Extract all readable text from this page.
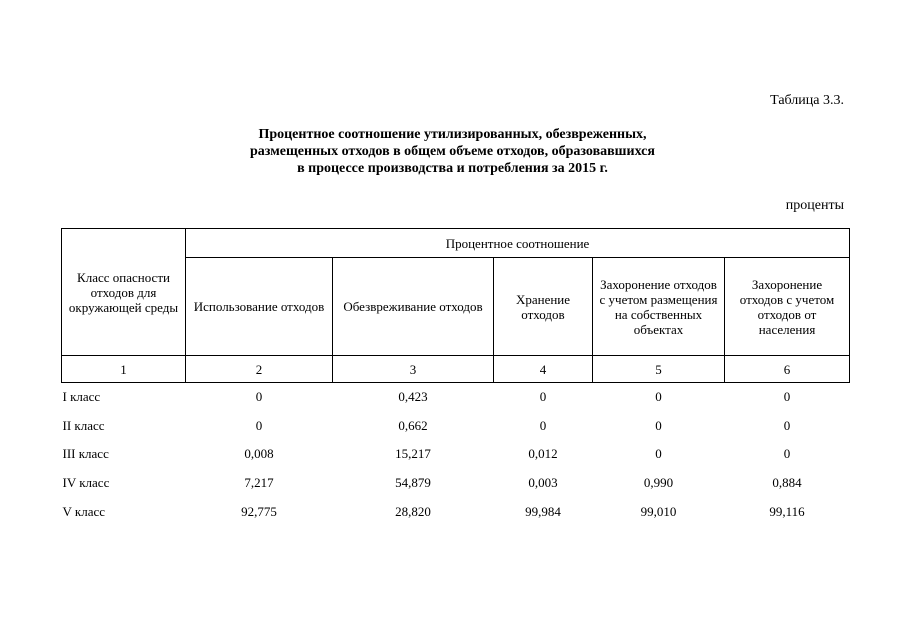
Таблица 3.3.
Процентное соотношение утилизированных, обезвреженных,
размещенных отходов в общем объеме отходов, образовавшихся
в процессе производства и потребления за 2015 г.
проценты
Класс опасности отходов для окружающей среды	Процентное соотношение				
	Использование отходов	Обезвреживание отходов	Хранение отходов	Захоронение отходов с учетом размещения на собственных объектах	Захоронение отходов с учетом отходов от населения
1	2	3	4	5	6
I класс	0	0,423	0	0	0
II класс	0	0,662	0	0	0
III класс	0,008	15,217	0,012	0	0
IV класс	7,217	54,879	0,003	0,990	0,884
V класс	92,775	28,820	99,984	99,010	99,116
